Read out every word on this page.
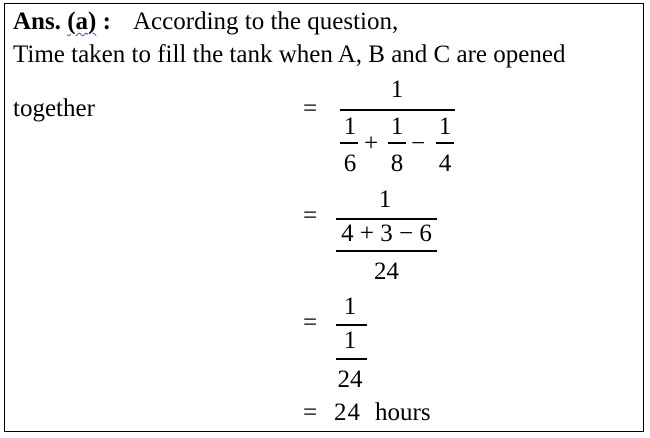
Ans. (a) : According to the question,
Time taken to fill the tank when A, B and C are opened
together	=
1
1
6
+
1
8
−
1
4
=
1
4 + 3 − 6
24
=
1
1
24
= 24 hours
